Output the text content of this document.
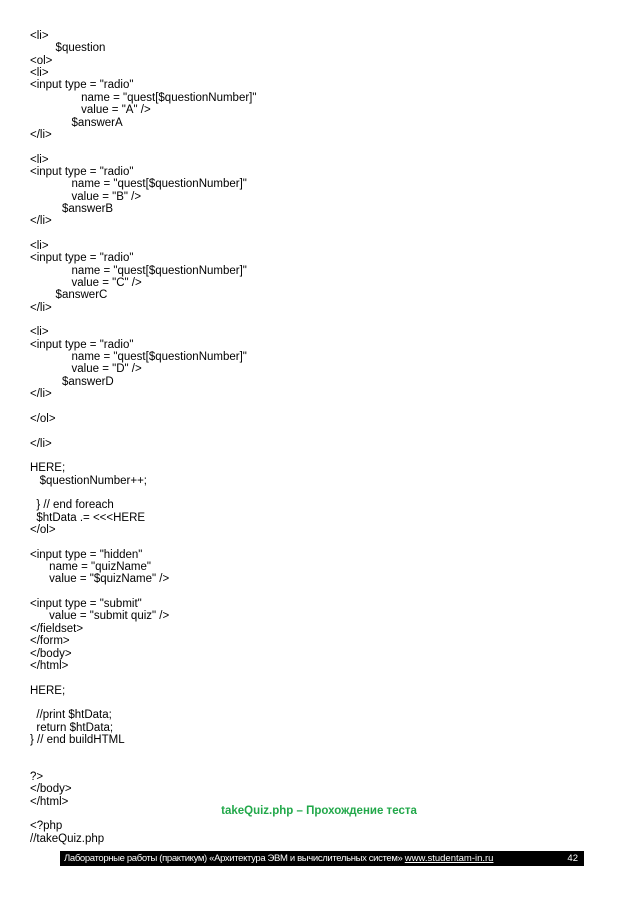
<li>
$question
<ol>
<li>
<input type = "radio"
name = "quest[$questionNumber]"
value = "A" />
$answerA
</li>
<li>
<input type = "radio"
name = "quest[$questionNumber]"
value = "B" />
$answerB
</li>
<li>
<input type = "radio"
name = "quest[$questionNumber]"
value = "C" />
$answerC
</li>
<li>
<input type = "radio"
name = "quest[$questionNumber]"
value = "D" />
$answerD
</li>
</ol>
</li>
HERE;
$questionNumber++;
} // end foreach
$htData .= <<<HERE
</ol>
<input type = "hidden"
name = "quizName"
value = "$quizName" />
<input type = "submit"
value = "submit quiz" />
</fieldset>
</form>
</body>
</html>
HERE;
//print $htData;
return $htData;
} // end buildHTML
?>
</body>
</html>
<?php
//takeQuiz.php
takeQuiz.php – Прохождение теста
Лабораторные работы (практикум) «Архитектура ЭВМ и вычислительных систем» www.studentam-in.ru	42
